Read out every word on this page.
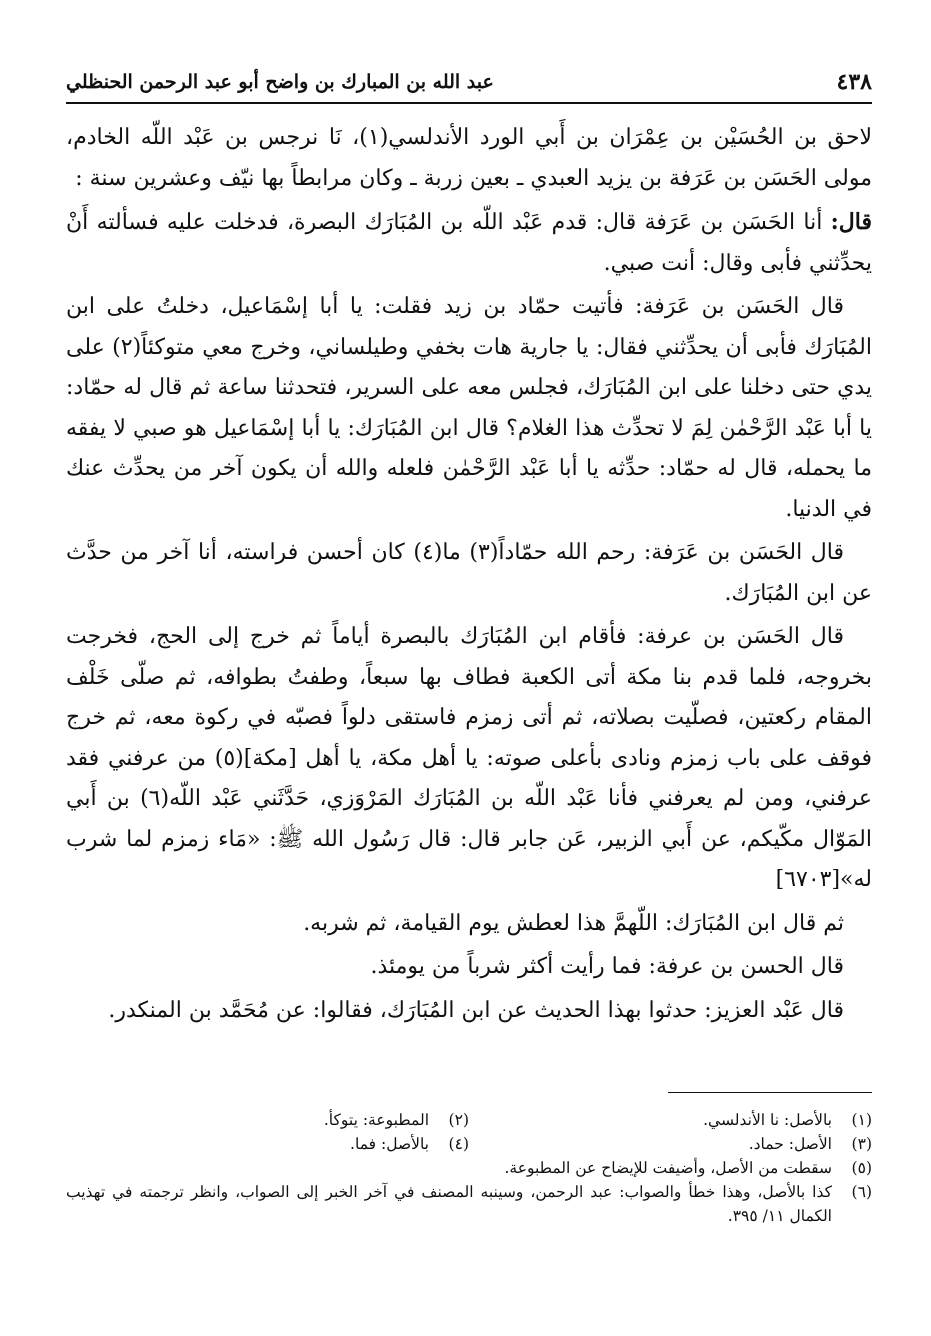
٤٣٨
عبد الله بن المبارك بن واضح أبو عبد الرحمن الحنظلي

لاحق بن الحُسَيْن بن عِمْرَان بن أَبي الورد الأندلسي(١)، نَا نرجس بن عَبْد اللّه الخادم، مولى الحَسَن بن عَرَفة بن يزيد العبدي ـ بعين زربة ـ وكان مرابطاً بها نيّف وعشرين سنة :

قال: أنا الحَسَن بن عَرَفة قال: قدم عَبْد اللّه بن المُبَارَك البصرة، فدخلت عليه فسألته أَنْ يحدِّثني فأبى وقال: أنت صبي.

قال الحَسَن بن عَرَفة: فأتيت حمّاد بن زيد فقلت: يا أبا إسْمَاعيل، دخلتُ على ابن المُبَارَك فأبى أن يحدِّثني فقال: يا جارية هات بخفي وطيلساني، وخرج معي متوكئاً(٢) على يدي حتى دخلنا على ابن المُبَارَك، فجلس معه على السرير، فتحدثنا ساعة ثم قال له حمّاد: يا أبا عَبْد الرَّحْمٰن لِمَ لا تحدِّث هذا الغلام؟ قال ابن المُبَارَك: يا أبا إسْمَاعيل هو صبي لا يفقه ما يحمله، قال له حمّاد: حدِّثه يا أبا عَبْد الرَّحْمٰن فلعله والله أن يكون آخر من يحدِّث عنك في الدنيا.

قال الحَسَن بن عَرَفة: رحم الله حمّاداً(٣) ما(٤) كان أحسن فراسته، أنا آخر من حدَّث عن ابن المُبَارَك.

قال الحَسَن بن عرفة: فأقام ابن المُبَارَك بالبصرة أياماً ثم خرج إلى الحج، فخرجت بخروجه، فلما قدم بنا مكة أتى الكعبة فطاف بها سبعاً، وطفتُ بطوافه، ثم صلّى خَلْف المقام ركعتين، فصلّيت بصلاته، ثم أتى زمزم فاستقى دلواً فصبّه في ركوة معه، ثم خرج فوقف على باب زمزم ونادى بأعلى صوته: يا أهل مكة، يا أهل [مكة](٥) من عرفني فقد عرفني، ومن لم يعرفني فأنا عَبْد اللّه بن المُبَارَك المَرْوَزي، حَدَّثَني عَبْد اللّه(٦) بن أَبي المَوّال مكّيكم، عن أَبي الزبير، عَن جابر قال: قال رَسُول الله ﷺ: «مَاء زمزم لما شرب له»[٦٧٠٣]

ثم قال ابن المُبَارَك: اللّهمَّ هذا لعطش يوم القيامة، ثم شربه.

قال الحسن بن عرفة: فما رأيت أكثر شرباً من يومئذ.

قال عَبْد العزيز: حدثوا بهذا الحديث عن ابن المُبَارَك، فقالوا: عن مُحَمَّد بن المنكدر.

(١)
بالأصل: نا الأندلسي.
(٢)
المطبوعة: يتوكأ.
(٣)
الأصل: حماد.
(٤)
بالأصل: فما.
(٥)
سقطت من الأصل، وأضيفت للإيضاح عن المطبوعة.
(٦)
كذا بالأصل، وهذا خطأ والصواب: عبد الرحمن، وسينبه المصنف في آخر الخبر إلى الصواب، وانظر ترجمته في تهذيب الكمال ١١/ ٣٩٥.
